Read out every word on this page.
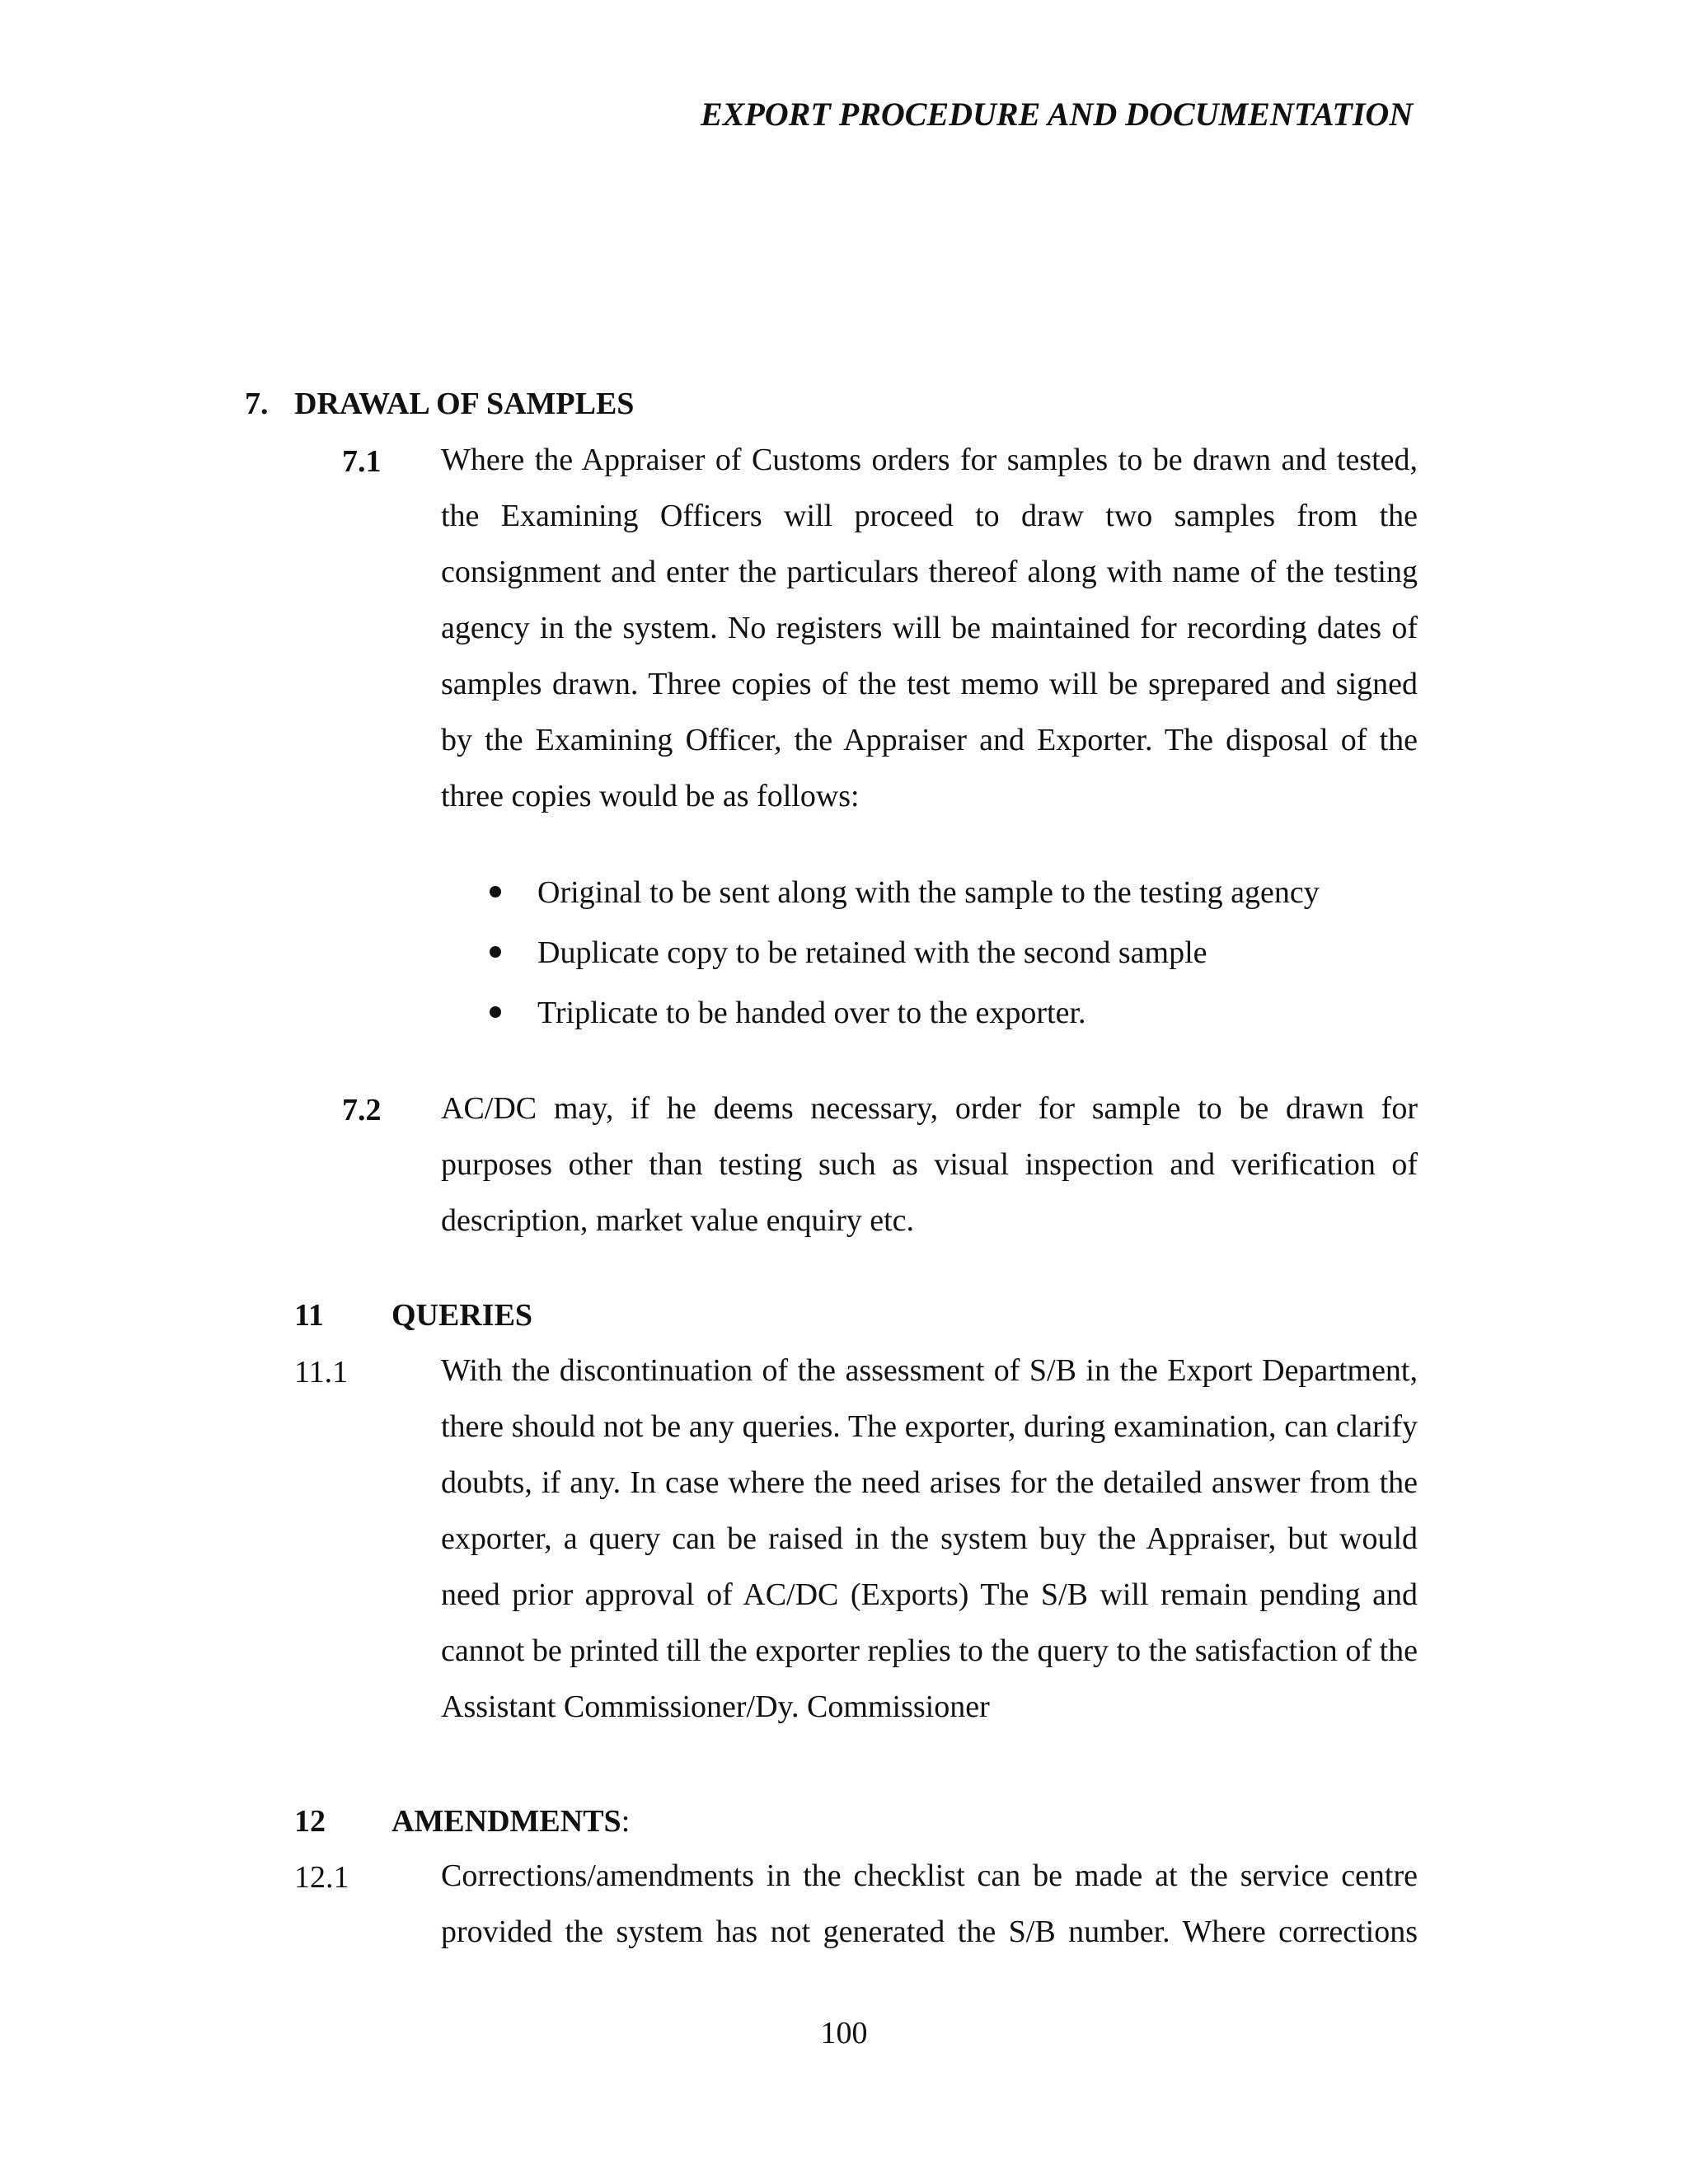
EXPORT PROCEDURE AND DOCUMENTATION
7. DRAWAL OF SAMPLES
7.1 Where the Appraiser of Customs orders for samples to be drawn and tested, the Examining Officers will proceed to draw two samples from the consignment and enter the particulars thereof along with name of the testing agency in the system. No registers will be maintained for recording dates of samples drawn. Three copies of the test memo will be sprepared and signed by the Examining Officer, the Appraiser and Exporter. The disposal of the three copies would be as follows:

Original to be sent along with the sample to the testing agency
Duplicate copy to be retained with the second sample
Triplicate to be handed over to the exporter.
7.2 AC/DC may, if he deems necessary, order for sample to be drawn for purposes other than testing such as visual inspection and verification of description, market value enquiry etc.

11 QUERIES
11.1	With the discontinuation of the assessment of S/B in the Export Department, there should not be any queries. The exporter, during examination, can clarify doubts, if any. In case where the need arises for the detailed answer from the exporter, a query can be raised in the system buy the Appraiser, but would need prior approval of AC/DC (Exports) The S/B will remain pending and cannot be printed till the exporter replies to the query to the satisfaction of the Assistant Commissioner/Dy. Commissioner

12 AMENDMENTS:
12.1	Corrections/amendments in the checklist can be made at the service centre provided the system has not generated the S/B number. Where corrections

100
